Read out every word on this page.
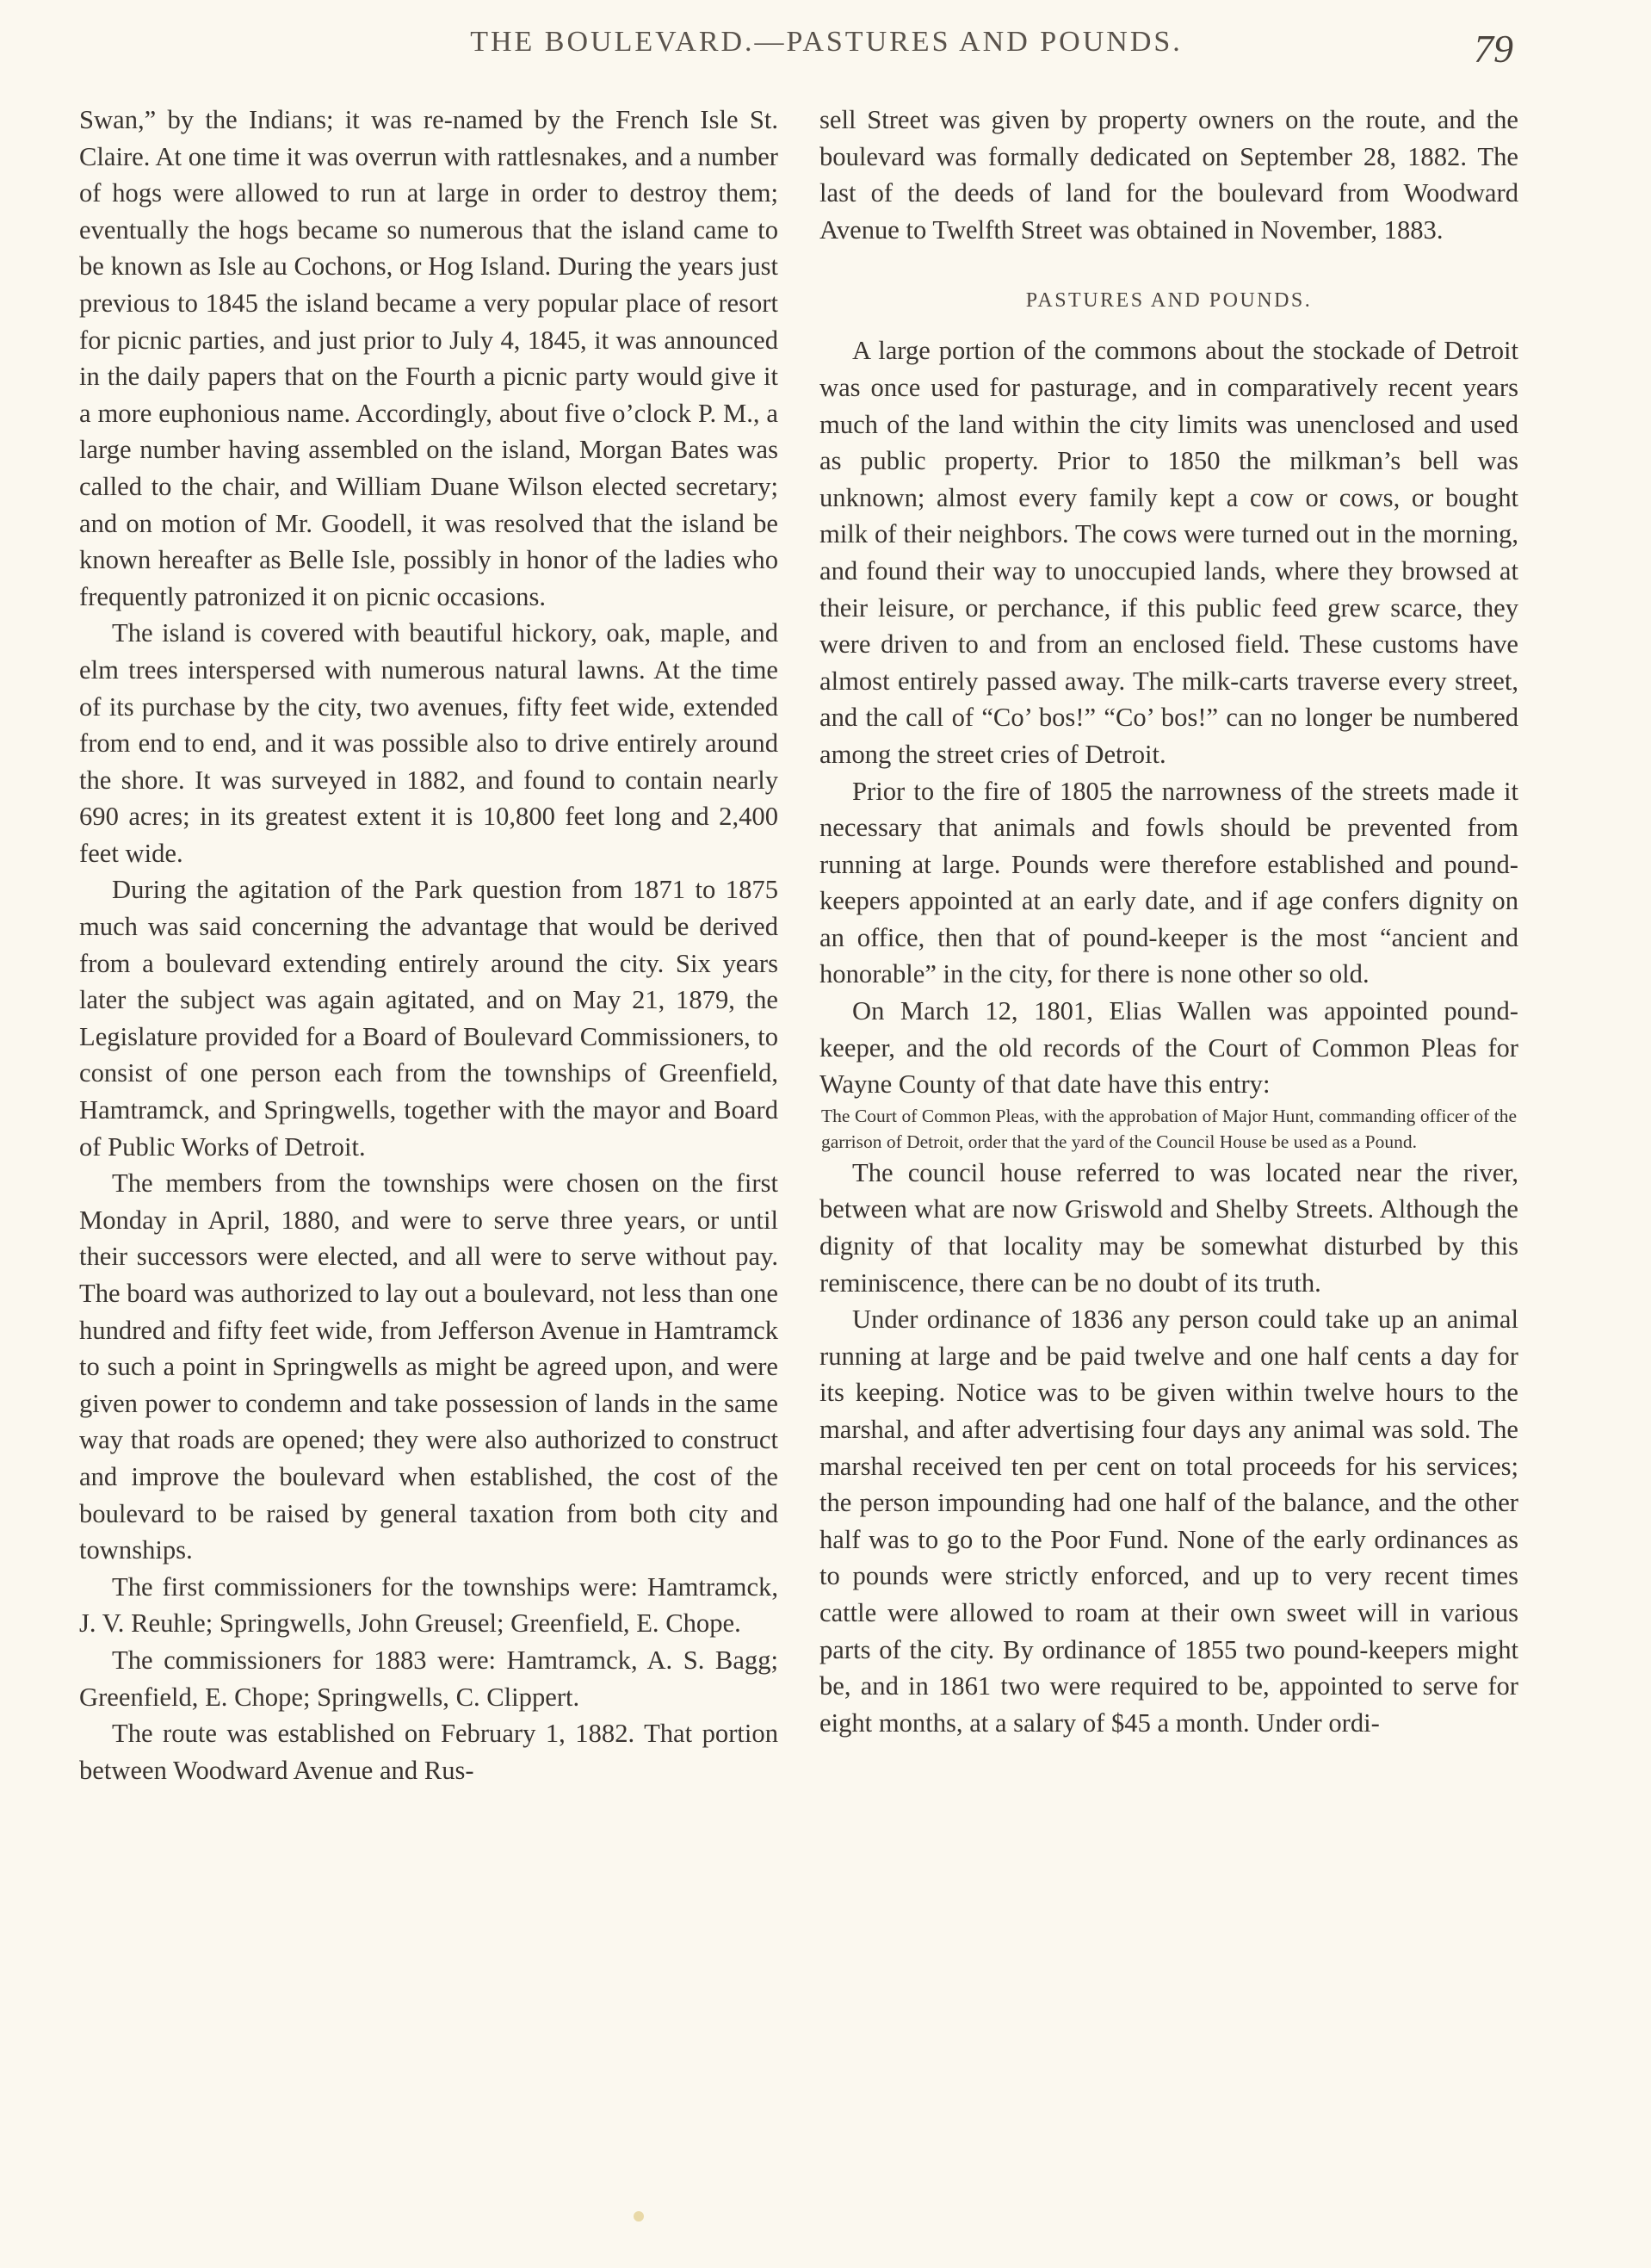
THE BOULEVARD.—PASTURES AND POUNDS.	79

Swan,” by the Indians; it was re-named by the French Isle St. Claire. At one time it was overrun with rattlesnakes, and a number of hogs were allowed to run at large in order to destroy them; eventually the hogs became so numerous that the island came to be known as Isle au Cochons, or Hog Island. During the years just previous to 1845 the island became a very popular place of resort for picnic parties, and just prior to July 4, 1845, it was announced in the daily papers that on the Fourth a picnic party would give it a more euphonious name. Accordingly, about five o’clock P. M., a large number having assembled on the island, Morgan Bates was called to the chair, and William Duane Wilson elected secretary; and on motion of Mr. Goodell, it was resolved that the island be known hereafter as Belle Isle, possibly in honor of the ladies who frequently patronized it on picnic occasions.

The island is covered with beautiful hickory, oak, maple, and elm trees interspersed with numerous natural lawns. At the time of its purchase by the city, two avenues, fifty feet wide, extended from end to end, and it was possible also to drive entirely around the shore. It was surveyed in 1882, and found to contain nearly 690 acres; in its greatest extent it is 10,800 feet long and 2,400 feet wide.

During the agitation of the Park question from 1871 to 1875 much was said concerning the advantage that would be derived from a boulevard extending entirely around the city. Six years later the subject was again agitated, and on May 21, 1879, the Legislature provided for a Board of Boulevard Commissioners, to consist of one person each from the townships of Greenfield, Hamtramck, and Springwells, together with the mayor and Board of Public Works of Detroit.

The members from the townships were chosen on the first Monday in April, 1880, and were to serve three years, or until their successors were elected, and all were to serve without pay. The board was authorized to lay out a boulevard, not less than one hundred and fifty feet wide, from Jefferson Avenue in Hamtramck to such a point in Springwells as might be agreed upon, and were given power to condemn and take possession of lands in the same way that roads are opened; they were also authorized to construct and improve the boulevard when established, the cost of the boulevard to be raised by general taxation from both city and townships.

The first commissioners for the townships were: Hamtramck, J. V. Reuhle; Springwells, John Greusel; Greenfield, E. Chope.

The commissioners for 1883 were: Hamtramck, A. S. Bagg; Greenfield, E. Chope; Springwells, C. Clippert.

The route was established on February 1, 1882. That portion between Woodward Avenue and Rus-

sell Street was given by property owners on the route, and the boulevard was formally dedicated on September 28, 1882. The last of the deeds of land for the boulevard from Woodward Avenue to Twelfth Street was obtained in November, 1883.

PASTURES AND POUNDS.

A large portion of the commons about the stockade of Detroit was once used for pasturage, and in comparatively recent years much of the land within the city limits was unenclosed and used as public property. Prior to 1850 the milkman’s bell was unknown; almost every family kept a cow or cows, or bought milk of their neighbors. The cows were turned out in the morning, and found their way to unoccupied lands, where they browsed at their leisure, or perchance, if this public feed grew scarce, they were driven to and from an enclosed field. These customs have almost entirely passed away. The milk-carts traverse every street, and the call of “Co’ bos!” “Co’ bos!” can no longer be numbered among the street cries of Detroit.

Prior to the fire of 1805 the narrowness of the streets made it necessary that animals and fowls should be prevented from running at large. Pounds were therefore established and pound-keepers appointed at an early date, and if age confers dignity on an office, then that of pound-keeper is the most “ancient and honorable” in the city, for there is none other so old.

On March 12, 1801, Elias Wallen was appointed pound-keeper, and the old records of the Court of Common Pleas for Wayne County of that date have this entry:

The Court of Common Pleas, with the approbation of Major Hunt, commanding officer of the garrison of Detroit, order that the yard of the Council House be used as a Pound.

The council house referred to was located near the river, between what are now Griswold and Shelby Streets. Although the dignity of that locality may be somewhat disturbed by this reminiscence, there can be no doubt of its truth.

Under ordinance of 1836 any person could take up an animal running at large and be paid twelve and one half cents a day for its keeping. Notice was to be given within twelve hours to the marshal, and after advertising four days any animal was sold. The marshal received ten per cent on total proceeds for his services; the person impounding had one half of the balance, and the other half was to go to the Poor Fund. None of the early ordinances as to pounds were strictly enforced, and up to very recent times cattle were allowed to roam at their own sweet will in various parts of the city. By ordinance of 1855 two pound-keepers might be, and in 1861 two were required to be, appointed to serve for eight months, at a salary of $45 a month. Under ordi-
